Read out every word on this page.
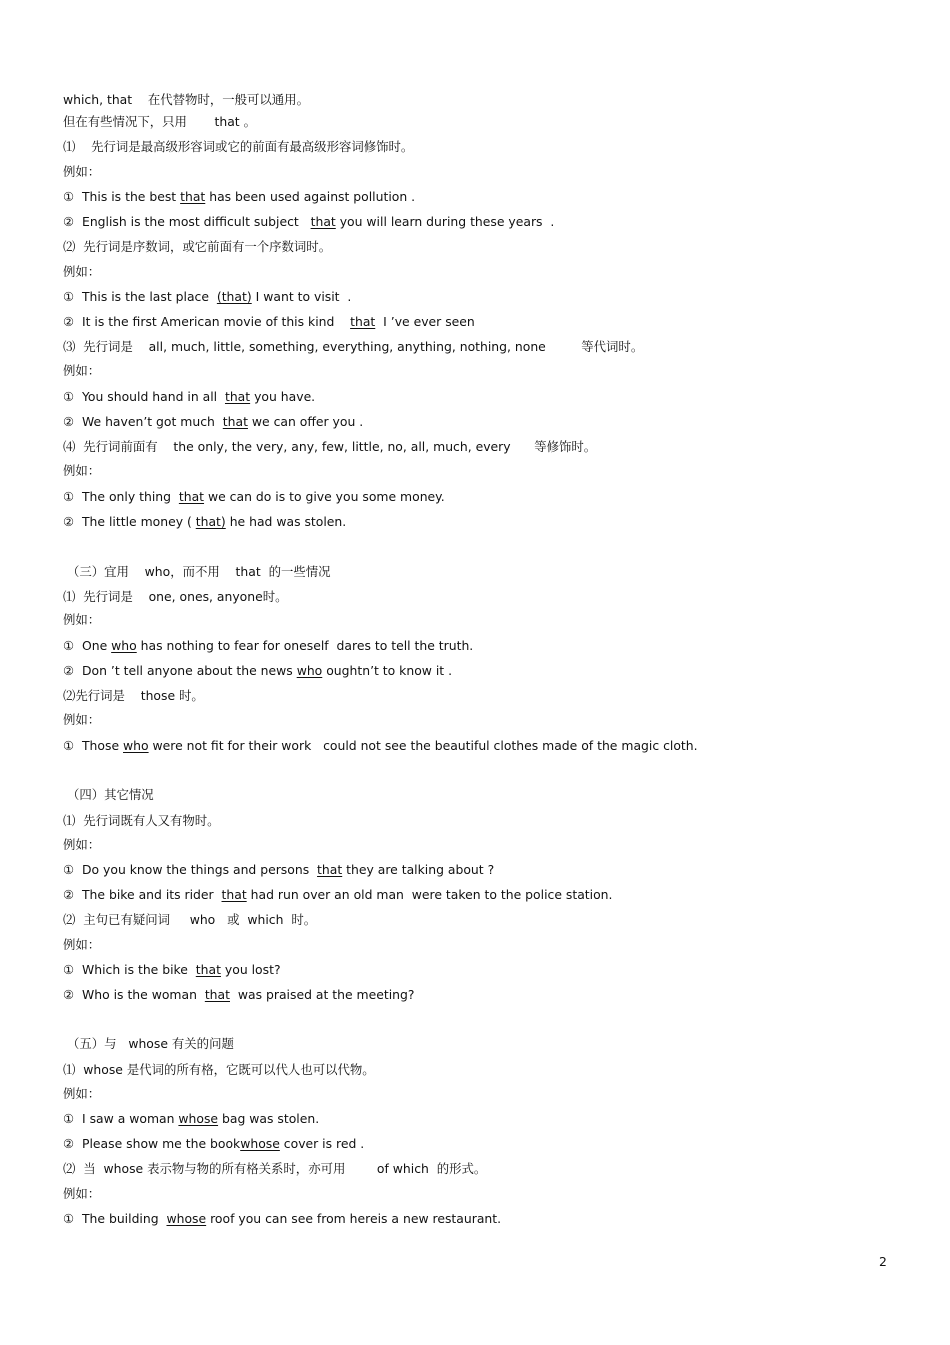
which, that    在代替物时，一般可以通用。
但在有些情况下，只用       that 。
⑴    先行词是最高级形容词或它的前面有最高级形容词修饰时。
例如：
①  This is the best that has been used against pollution .
②  English is the most difficult subject   that you will learn during these years  .
⑵  先行词是序数词，或它前面有一个序数词时。
例如：
①  This is the last place  (that) I want to visit  .
②  It is the first American movie of this kind    that  I ’ve ever seen
⑶  先行词是    all, much, little, something, everything, anything, nothing, none         等代词时。
例如：
①  You should hand in all  that you have.
②  We haven’t got much  that we can offer you .
⑷  先行词前面有    the only, the very, any, few, little, no, all, much, every      等修饰时。
例如：
①  The only thing  that we can do is to give you some money.
②  The little money ( that) he had was stolen.
（三）宜用    who，而不用    that  的一些情况
⑴  先行词是    one, ones, anyone时。
例如：
①  One who has nothing to fear for oneself  dares to tell the truth.
②  Don ’t tell anyone about the news who oughtn’t to know it .
⑵先行词是    those 时。
例如：
①  Those who were not fit for their work   could not see the beautiful clothes made of the magic cloth.
（四）其它情况
⑴  先行词既有人又有物时。
例如：
①  Do you know the things and persons  that they are talking about ?
②  The bike and its rider  that had run over an old man  were taken to the police station.
⑵  主句已有疑问词     who   或  which  时。
例如：
①  Which is the bike  that you lost?
②  Who is the woman  that  was praised at the meeting?
（五）与   whose 有关的问题
⑴  whose 是代词的所有格，它既可以代人也可以代物。
例如：
①  I saw a woman whose bag was stolen.
②  Please show me the bookwhose cover is red .
⑵  当  whose 表示物与物的所有格关系时，亦可用        of which  的形式。
例如：
①  The building  whose roof you can see from hereis a new restaurant.
2
